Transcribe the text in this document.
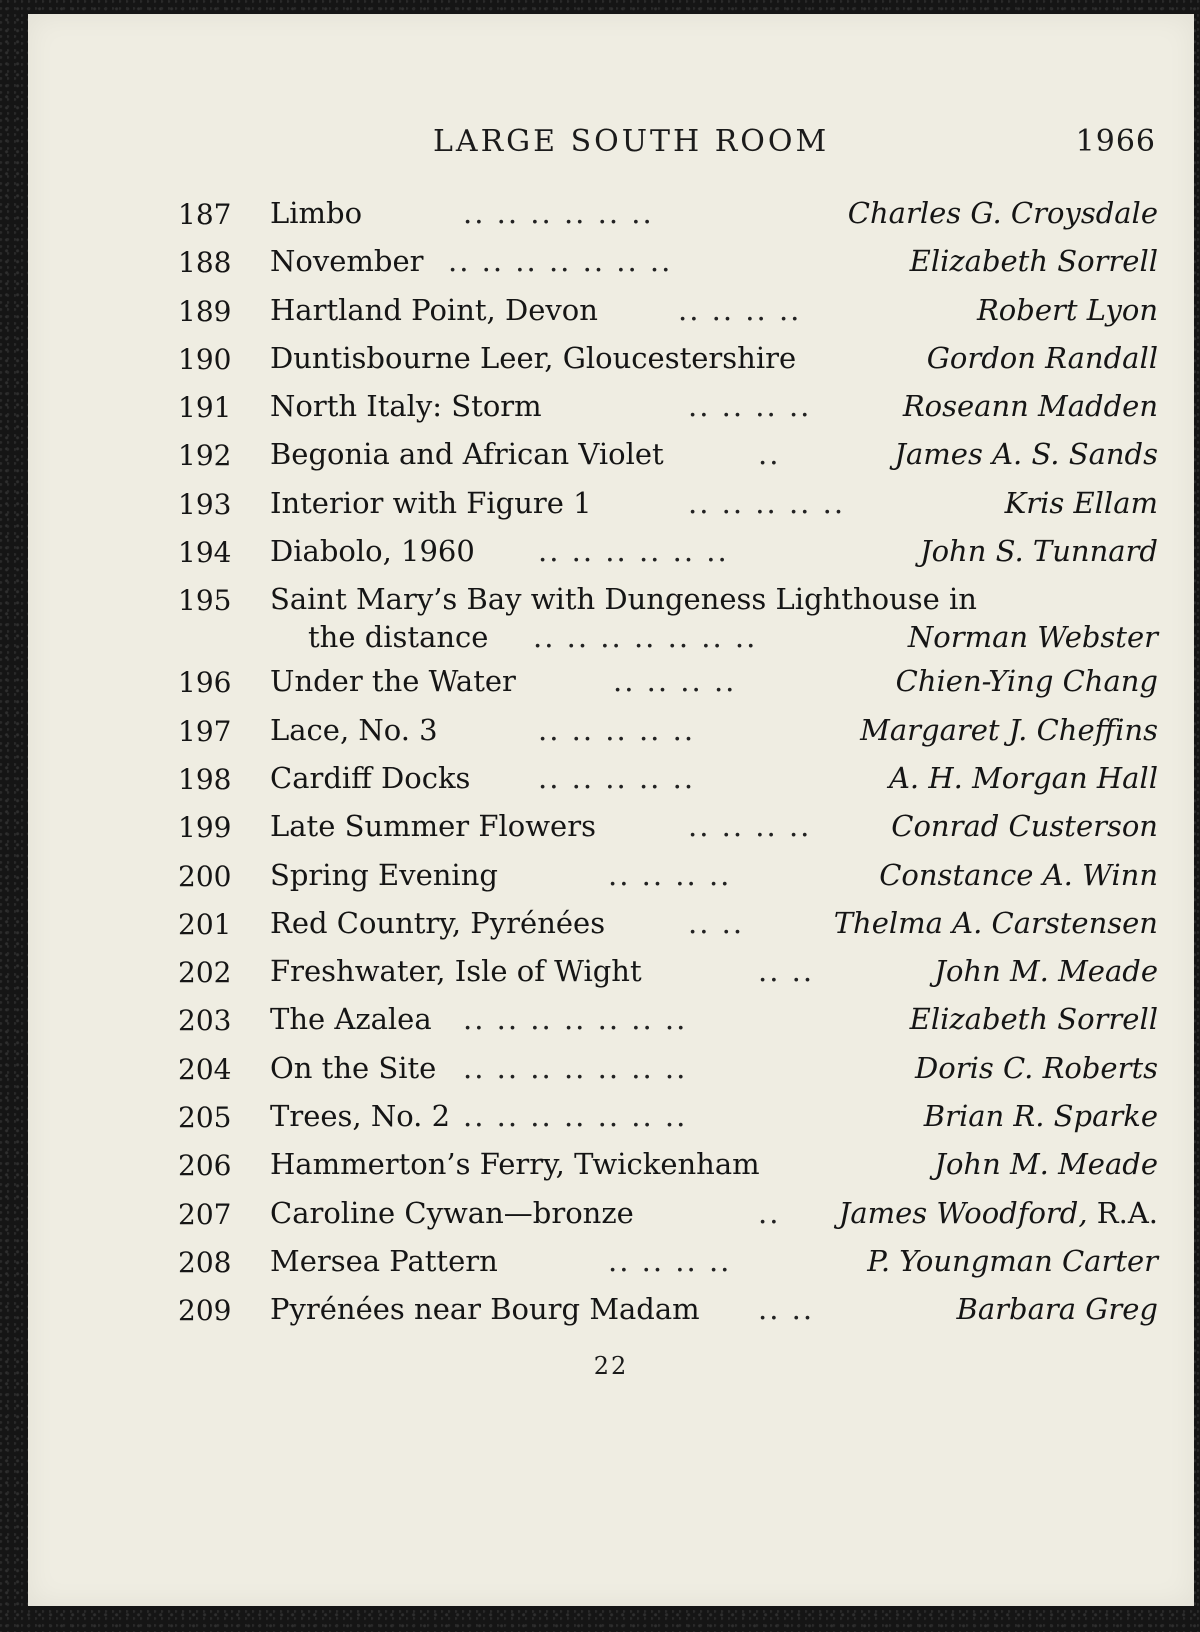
LARGE SOUTH ROOM	1966
187	Limbo	.. .. .. .. .. ..	Charles G. Croysdale
188	November .. .. .. .. .. .. ..	Elizabeth Sorrell
189	Hartland Point, Devon	.. .. .. ..	Robert Lyon
190	Duntisbourne Leer, Gloucestershire	Gordon Randall
191	North Italy: Storm	.. .. .. ..	Roseann Madden
192	Begonia and African Violet	..	James A. S. Sands
193	Interior with Figure 1	.. .. .. .. ..	Kris Ellam
194	Diabolo, 1960 .. .. .. .. .. ..	John S. Tunnard
195	Saint Mary’s Bay with Dungeness Lighthouse in
the distance .. .. .. .. .. .. ..	Norman Webster
196	Under the Water	.. .. .. ..	Chien-Ying Chang
197	Lace, No. 3	.. .. .. .. ..	Margaret J. Cheffins
198	Cardiff Docks .. .. .. .. ..	A. H. Morgan Hall
199	Late Summer Flowers	.. .. .. ..	Conrad Custerson
200	Spring Evening	.. .. .. ..	Constance A. Winn
201	Red Country, Pyrénées	.. ..	Thelma A. Carstensen
202	Freshwater, Isle of Wight	.. ..	John M. Meade
203	The Azalea .. .. .. .. .. .. ..	Elizabeth Sorrell
204	On the Site .. .. .. .. .. .. ..	Doris C. Roberts
205	Trees, No. 2 .. .. .. .. .. .. ..	Brian R. Sparke
206	Hammerton’s Ferry, Twickenham	John M. Meade
207	Caroline Cywan—bronze	.. James Woodford, R.A.
208	Mersea Pattern	.. .. .. ..	P. Youngman Carter
209	Pyrénées near Bourg Madam .. ..	Barbara Greg
22
